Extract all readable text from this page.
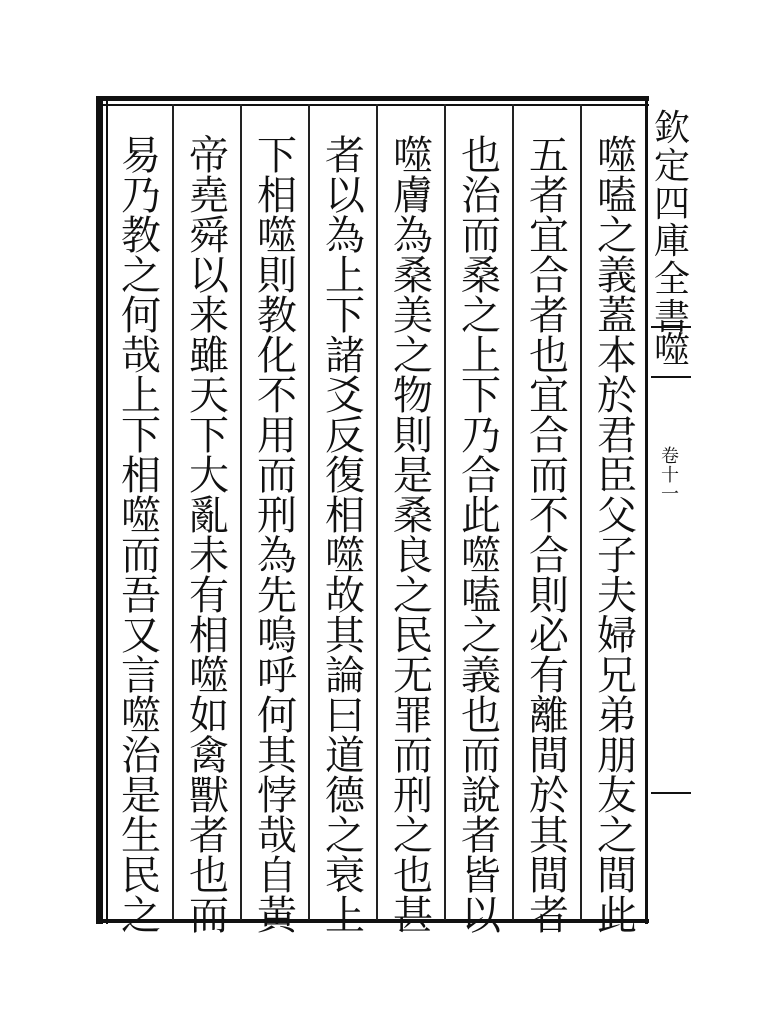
欽
定
四
庫
全
書
噬
卷
十
一
噬
嗑
之
義
蓋
本
於
君
臣
父
子
夫
婦
兄
弟
朋
友
之
間
此
五
者
宜
合
者
也
宜
合
而
不
合
則
必
有
離
間
於
其
間
者
也
治
而
桑
之
上
下
乃
合
此
噬
嗑
之
義
也
而
說
者
皆
以
噬
膚
為
桑
美
之
物
則
是
桑
良
之
民
无
罪
而
刑
之
也
甚
者
以
為
上
下
諸
爻
反
復
相
噬
故
其
論
曰
道
德
之
衰
上
下
相
噬
則
教
化
不
用
而
刑
為
先
嗚
呼
何
其
悖
哉
自
黃
帝
堯
舜
以
来
雖
天
下
大
亂
未
有
相
噬
如
禽
獸
者
也
而
易
乃
教
之
何
哉
上
下
相
噬
而
吾
又
言
噬
治
是
生
民
之
